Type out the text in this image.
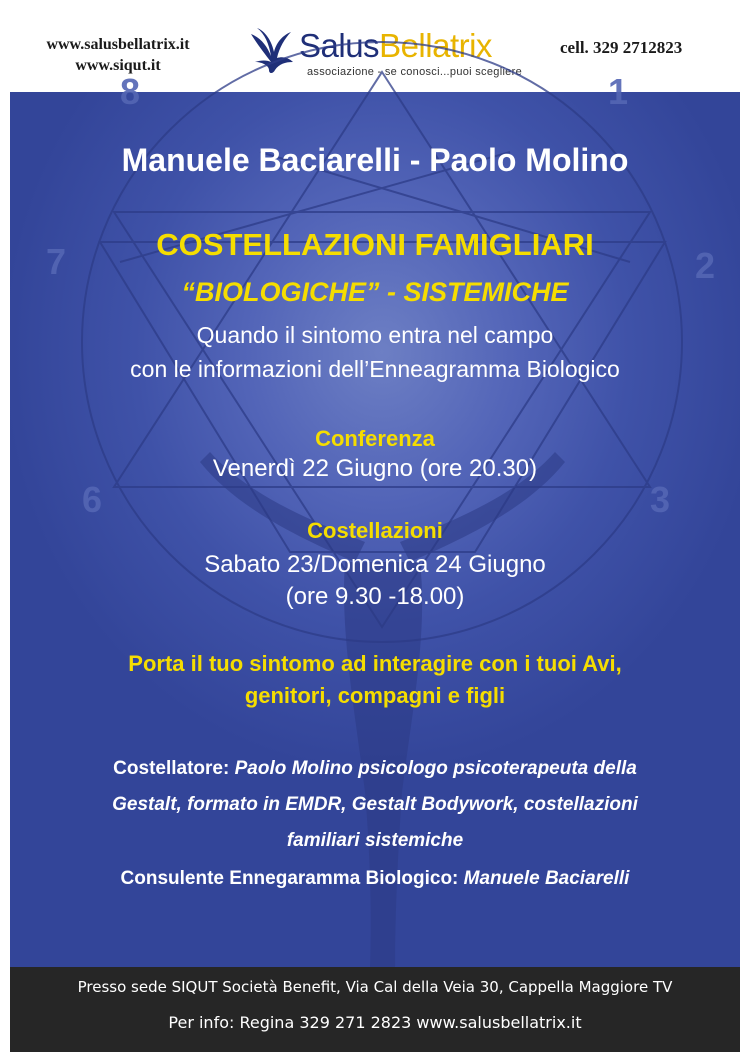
www.salusbellatrix.it
www.siqut.it
SalusBellatrix
associazione - se conosci...puoi scegliere
cell. 329 2712823
8	1
7	2
6	3
Manuele Baciarelli - Paolo Molino
COSTELLAZIONI FAMIGLIARI
“BIOLOGICHE” - SISTEMICHE
Quando il sintomo entra nel campo
con le informazioni dell’Enneagramma Biologico
Conferenza
Venerdì 22 Giugno (ore 20.30)
Costellazioni
Sabato 23/Domenica 24 Giugno
(ore 9.30 -18.00)
Porta il tuo sintomo ad interagire con i tuoi Avi,
genitori, compagni e figli
Costellatore: Paolo Molino psicologo psicoterapeuta della
Gestalt, formato in EMDR, Gestalt Bodywork, costellazioni
familiari sistemiche
Consulente Ennegaramma Biologico: Manuele Baciarelli
Presso sede SIQUT Società Benefit, Via Cal della Veia 30, Cappella Maggiore TV
Per info: Regina 329 271 2823 www.salusbellatrix.it
